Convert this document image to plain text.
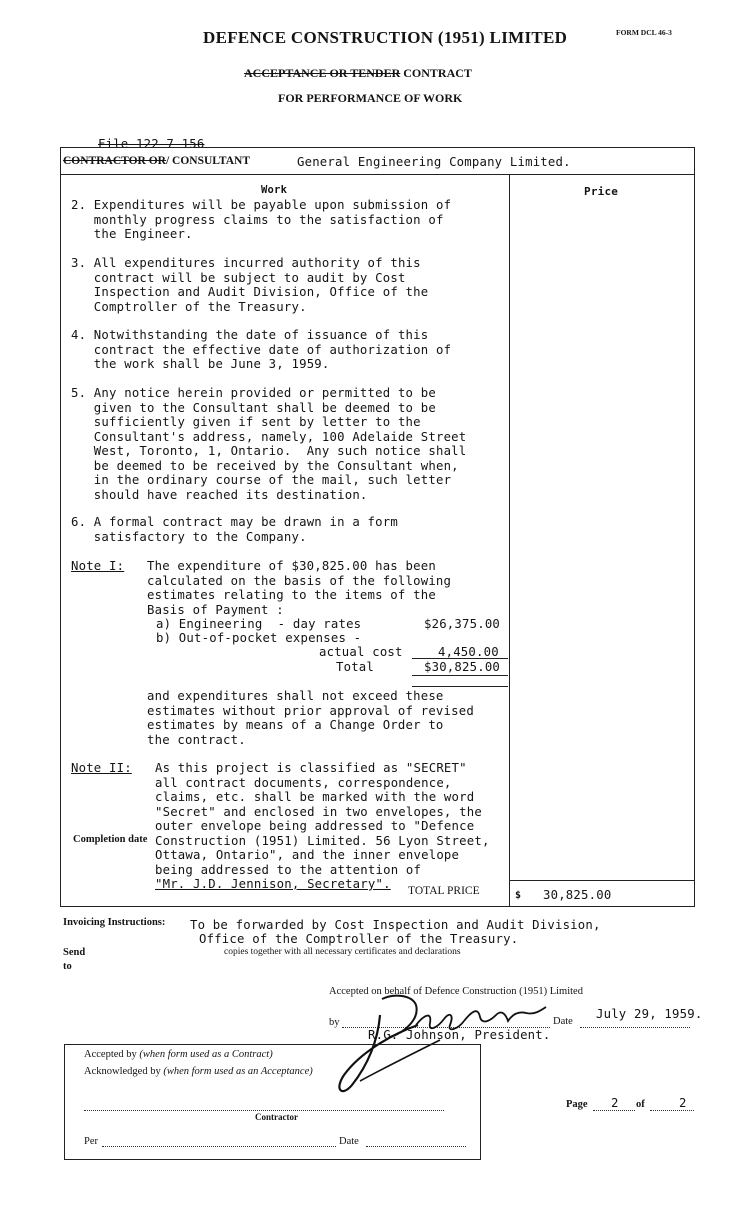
DEFENCE CONSTRUCTION (1951) LIMITED	FORM DCL 46-3
ACCEPTANCE OR TENDER CONTRACT
FOR PERFORMANCE OF WORK
File 122-7-156
CONTRACTOR OR/ CONSULTANT	General Engineering Company Limited.
Work	Price
2. Expenditures will be payable upon submission of
monthly progress claims to the satisfaction of
the Engineer.
3. All expenditures incurred authority of this
contract will be subject to audit by Cost
Inspection and Audit Division, Office of the
Comptroller of the Treasury.
4. Notwithstanding the date of issuance of this
contract the effective date of authorization of
the work shall be June 3, 1959.
5. Any notice herein provided or permitted to be
given to the Consultant shall be deemed to be
sufficiently given if sent by letter to the
Consultant's address, namely, 100 Adelaide Street
West, Toronto, 1, Ontario.  Any such notice shall
be deemed to be received by the Consultant when,
in the ordinary course of the mail, such letter
should have reached its destination.
6. A formal contract may be drawn in a form
satisfactory to the Company.
Note I: The expenditure of $30,825.00 has been
calculated on the basis of the following
estimates relating to the items of the
Basis of Payment :
a) Engineering  - day rates	$26,375.00
b) Out-of-pocket expenses -
actual cost	4,450.00
Total	$30,825.00
and expenditures shall not exceed these
estimates without prior approval of revised
estimates by means of a Change Order to
the contract.
Note II: As this project is classified as "SECRET"
all contract documents, correspondence,
claims, etc. shall be marked with the word
"Secret" and enclosed in two envelopes, the
outer envelope being addressed to "Defence
Construction (1951) Limited. 56 Lyon Street,
Ottawa, Ontario", and the inner envelope
being addressed to the attention of
"Mr. J.D. Jennison, Secretary".
Completion date
TOTAL PRICE	$ 30,825.00
Invoicing Instructions: To be forwarded by Cost Inspection and Audit Division,
Office of the Comptroller of the Treasury.
Send
to
copies together with all necessary certificates and declarations
Accepted on behalf of Defence Construction (1951) Limited
by	Date
July 29, 1959.
R.G. Johnson, President.
Accepted by (when form used as a Contract)
Acknowledged by (when form used as an Acceptance)
Contractor
Per	Date
Page 2 of	2
